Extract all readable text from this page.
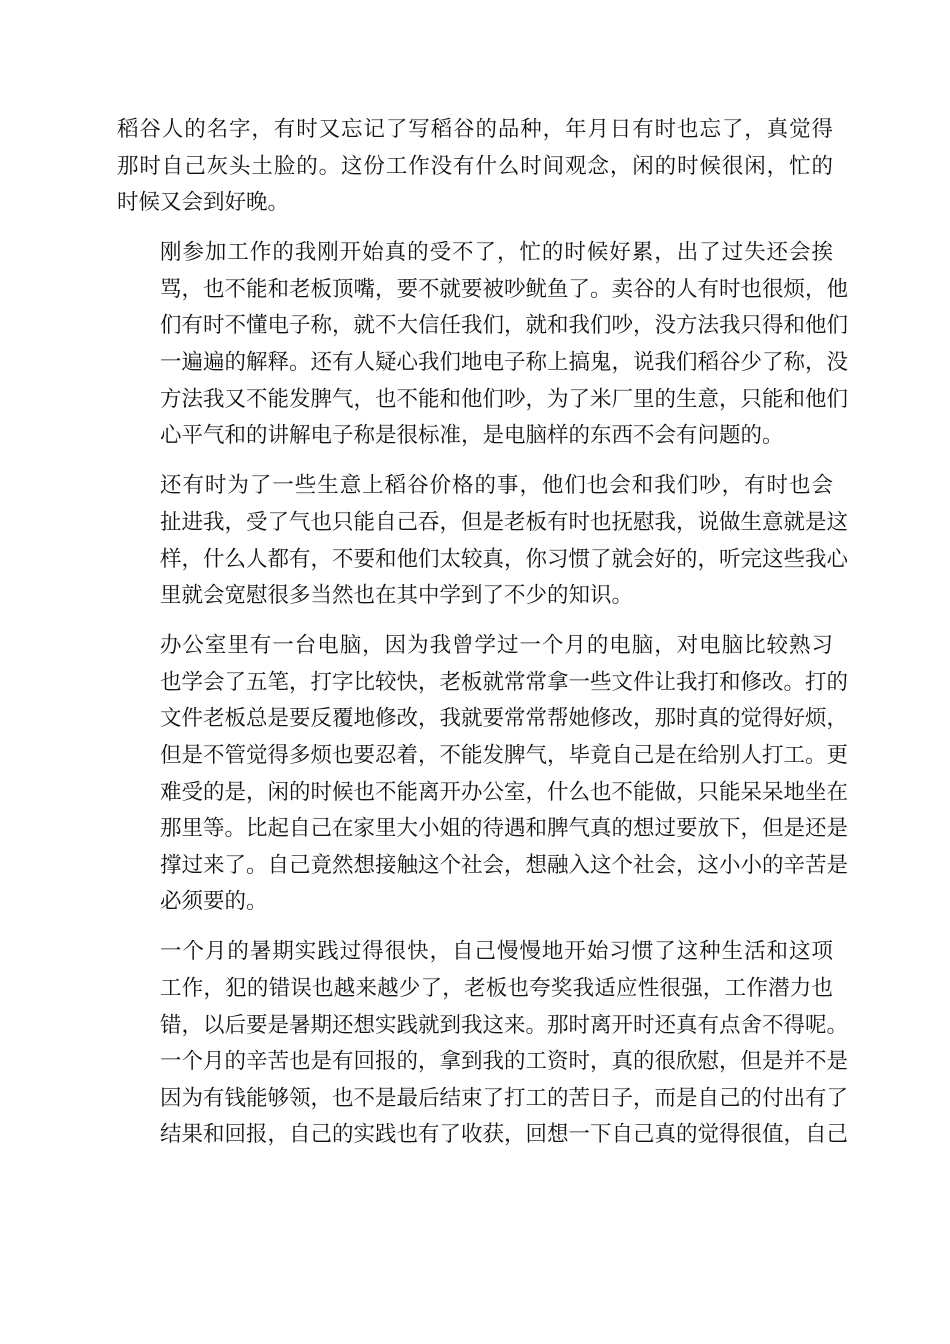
稻谷人的名字，有时又忘记了写稻谷的品种，年月日有时也忘了，真觉得
那时自己灰头土脸的。这份工作没有什么时间观念，闲的时候很闲，忙的
时候又会到好晚。
刚参加工作的我刚开始真的受不了，忙的时候好累，出了过失还会挨
骂，也不能和老板顶嘴，要不就要被吵鱿鱼了。卖谷的人有时也很烦，他
们有时不懂电子称，就不大信任我们，就和我们吵，没方法我只得和他们
一遍遍的解释。还有人疑心我们地电子称上搞鬼，说我们稻谷少了称，没
方法我又不能发脾气，也不能和他们吵，为了米厂里的生意，只能和他们
心平气和的讲解电子称是很标准，是电脑样的东西不会有问题的。
还有时为了一些生意上稻谷价格的事，他们也会和我们吵，有时也会
扯进我，受了气也只能自己吞，但是老板有时也抚慰我，说做生意就是这
样，什么人都有，不要和他们太较真，你习惯了就会好的，听完这些我心
里就会宽慰很多当然也在其中学到了不少的知识。
办公室里有一台电脑，因为我曾学过一个月的电脑，对电脑比较熟习
也学会了五笔，打字比较快，老板就常常拿一些文件让我打和修改。打的
文件老板总是要反覆地修改，我就要常常帮她修改，那时真的觉得好烦，
但是不管觉得多烦也要忍着，不能发脾气，毕竟自己是在给别人打工。更
难受的是，闲的时候也不能离开办公室，什么也不能做，只能呆呆地坐在
那里等。比起自己在家里大小姐的待遇和脾气真的想过要放下，但是还是
撑过来了。自己竟然想接触这个社会，想融入这个社会，这小小的辛苦是
必须要的。
一个月的暑期实践过得很快，自己慢慢地开始习惯了这种生活和这项
工作，犯的错误也越来越少了，老板也夸奖我适应性很强，工作潜力也
错，以后要是暑期还想实践就到我这来。那时离开时还真有点舍不得呢。
一个月的辛苦也是有回报的，拿到我的工资时，真的很欣慰，但是并不是
因为有钱能够领，也不是最后结束了打工的苦日子，而是自己的付出有了
结果和回报，自己的实践也有了收获，回想一下自己真的觉得很值，自己
